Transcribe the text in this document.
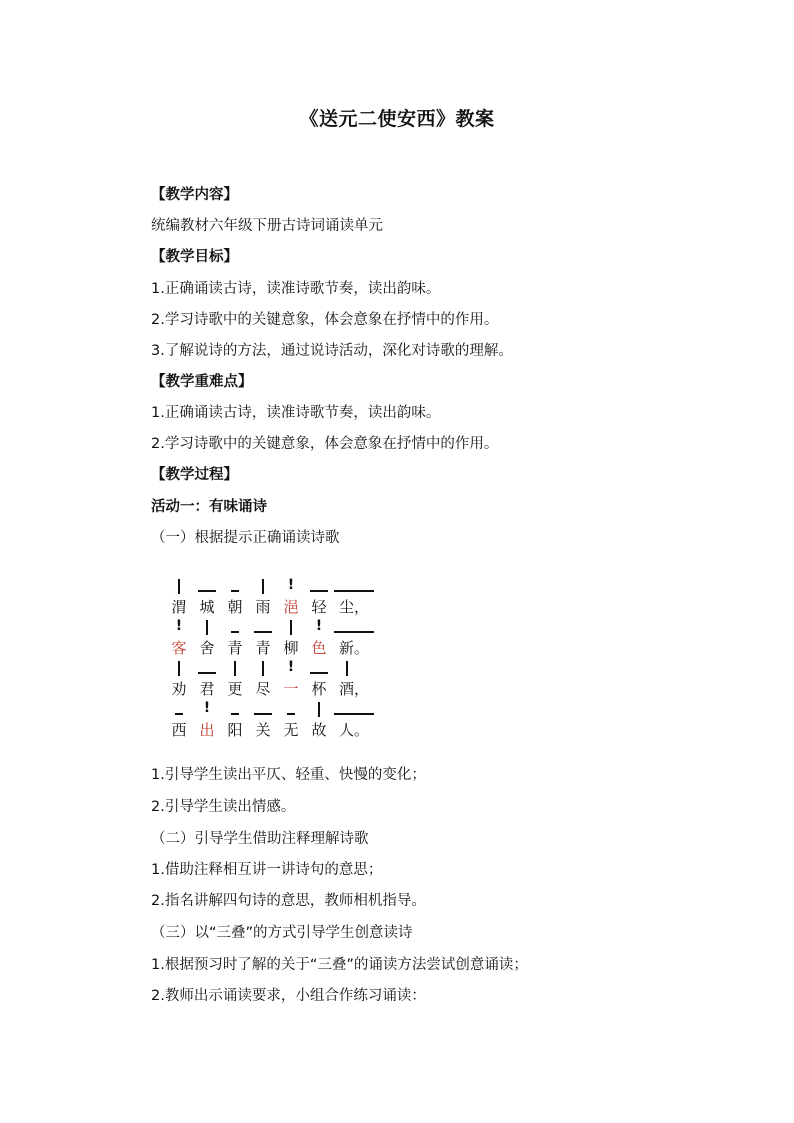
《送元二使安西》教案
【教学内容】
统编教材六年级下册古诗词诵读单元
【教学目标】
1.正确诵读古诗，读准诗歌节奏，读出韵味。
2.学习诗歌中的关键意象，体会意象在抒情中的作用。
3.了解说诗的方法，通过说诗活动，深化对诗歌的理解。
【教学重难点】
1.正确诵读古诗，读准诗歌节奏，读出韵味。
2.学习诗歌中的关键意象，体会意象在抒情中的作用。
【教学过程】
活动一：有味诵诗
（一）根据提示正确诵读诗歌
!
渭 城 朝 雨 浥 轻 尘，
!	!
客 舍 青 青 柳 色 新。
!
劝 君 更 尽 一 杯 酒，
!
西 出 阳 关 无 故 人。
1.引导学生读出平仄、轻重、快慢的变化；
2.引导学生读出情感。
（二）引导学生借助注释理解诗歌
1.借助注释相互讲一讲诗句的意思；
2.指名讲解四句诗的意思，教师相机指导。
（三）以“三叠”的方式引导学生创意读诗
1.根据预习时了解的关于“三叠”的诵读方法尝试创意诵读；
2.教师出示诵读要求，小组合作练习诵读：
